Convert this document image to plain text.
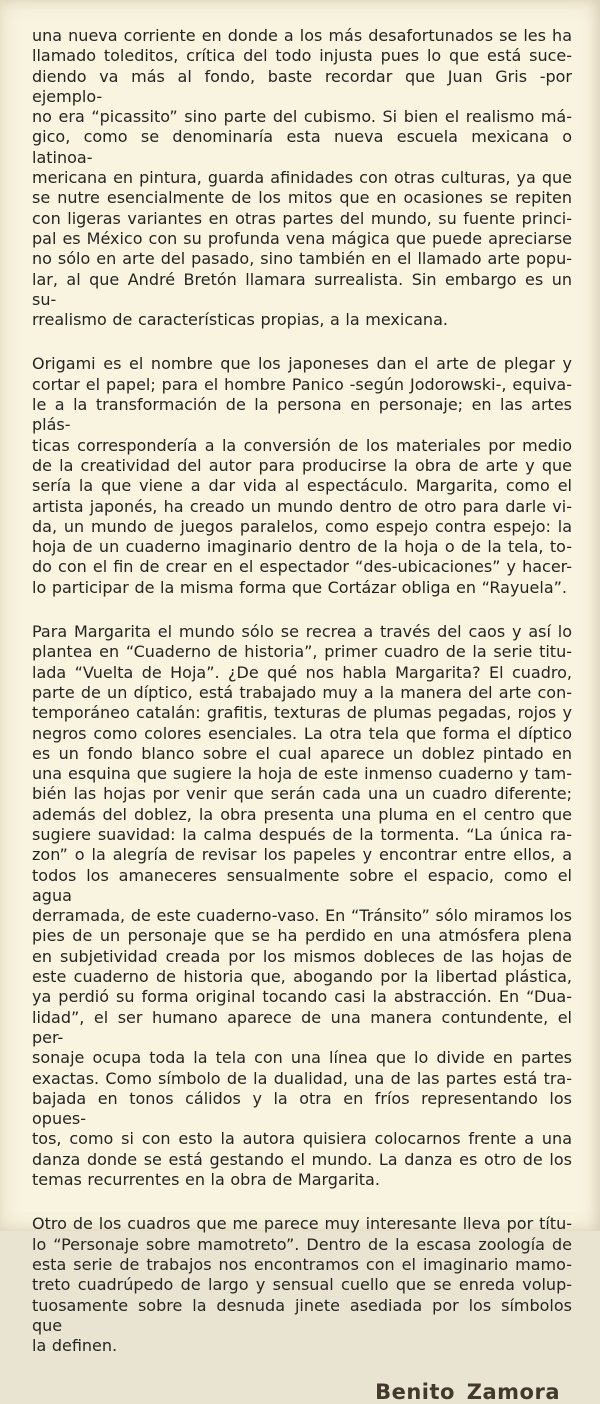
una nueva corriente en donde a los más desafortunados se les ha
llamado toleditos, crítica del todo injusta pues lo que está suce-
diendo va más al fondo, baste recordar que Juan Gris -por ejemplo-
no era “picassito” sino parte del cubismo. Si bien el realismo má-
gico, como se denominaría esta nueva escuela mexicana o latinoa-
mericana en pintura, guarda afinidades con otras culturas, ya que
se nutre esencialmente de los mitos que en ocasiones se repiten
con ligeras variantes en otras partes del mundo, su fuente princi-
pal es México con su profunda vena mágica que puede apreciarse
no sólo en arte del pasado, sino también en el llamado arte popu-
lar, al que André Bretón llamara surrealista. Sin embargo es un su-
rrealismo de características propias, a la mexicana.
Origami es el nombre que los japoneses dan el arte de plegar y
cortar el papel; para el hombre Panico -según Jodorowski-, equiva-
le a la transformación de la persona en personaje; en las artes plás-
ticas correspondería a la conversión de los materiales por medio
de la creatividad del autor para producirse la obra de arte y que
sería la que viene a dar vida al espectáculo. Margarita, como el
artista japonés, ha creado un mundo dentro de otro para darle vi-
da, un mundo de juegos paralelos, como espejo contra espejo: la
hoja de un cuaderno imaginario dentro de la hoja o de la tela, to-
do con el fin de crear en el espectador “des-ubicaciones” y hacer-
lo participar de la misma forma que Cortázar obliga en “Rayuela”.
Para Margarita el mundo sólo se recrea a través del caos y así lo
plantea en “Cuaderno de historia”, primer cuadro de la serie titu-
lada “Vuelta de Hoja”. ¿De qué nos habla Margarita? El cuadro,
parte de un díptico, está trabajado muy a la manera del arte con-
temporáneo catalán: grafitis, texturas de plumas pegadas, rojos y
negros como colores esenciales. La otra tela que forma el díptico
es un fondo blanco sobre el cual aparece un doblez pintado en
una esquina que sugiere la hoja de este inmenso cuaderno y tam-
bién las hojas por venir que serán cada una un cuadro diferente;
además del doblez, la obra presenta una pluma en el centro que
sugiere suavidad: la calma después de la tormenta. “La única ra-
zon” o la alegría de revisar los papeles y encontrar entre ellos, a
todos los amaneceres sensualmente sobre el espacio, como el agua
derramada, de este cuaderno-vaso. En “Tránsito” sólo miramos los
pies de un personaje que se ha perdido en una atmósfera plena
en subjetividad creada por los mismos dobleces de las hojas de
este cuaderno de historia que, abogando por la libertad plástica,
ya perdió su forma original tocando casi la abstracción. En “Dua-
lidad”, el ser humano aparece de una manera contundente, el per-
sonaje ocupa toda la tela con una línea que lo divide en partes
exactas. Como símbolo de la dualidad, una de las partes está tra-
bajada en tonos cálidos y la otra en fríos representando los opues-
tos, como si con esto la autora quisiera colocarnos frente a una
danza donde se está gestando el mundo. La danza es otro de los
temas recurrentes en la obra de Margarita.
Otro de los cuadros que me parece muy interesante lleva por títu-
lo “Personaje sobre mamotreto”. Dentro de la escasa zoología de
esta serie de trabajos nos encontramos con el imaginario mamo-
treto cuadrúpedo de largo y sensual cuello que se enreda volup-
tuosamente sobre la desnuda jinete asediada por los símbolos que
la definen.
Benito Zamora
